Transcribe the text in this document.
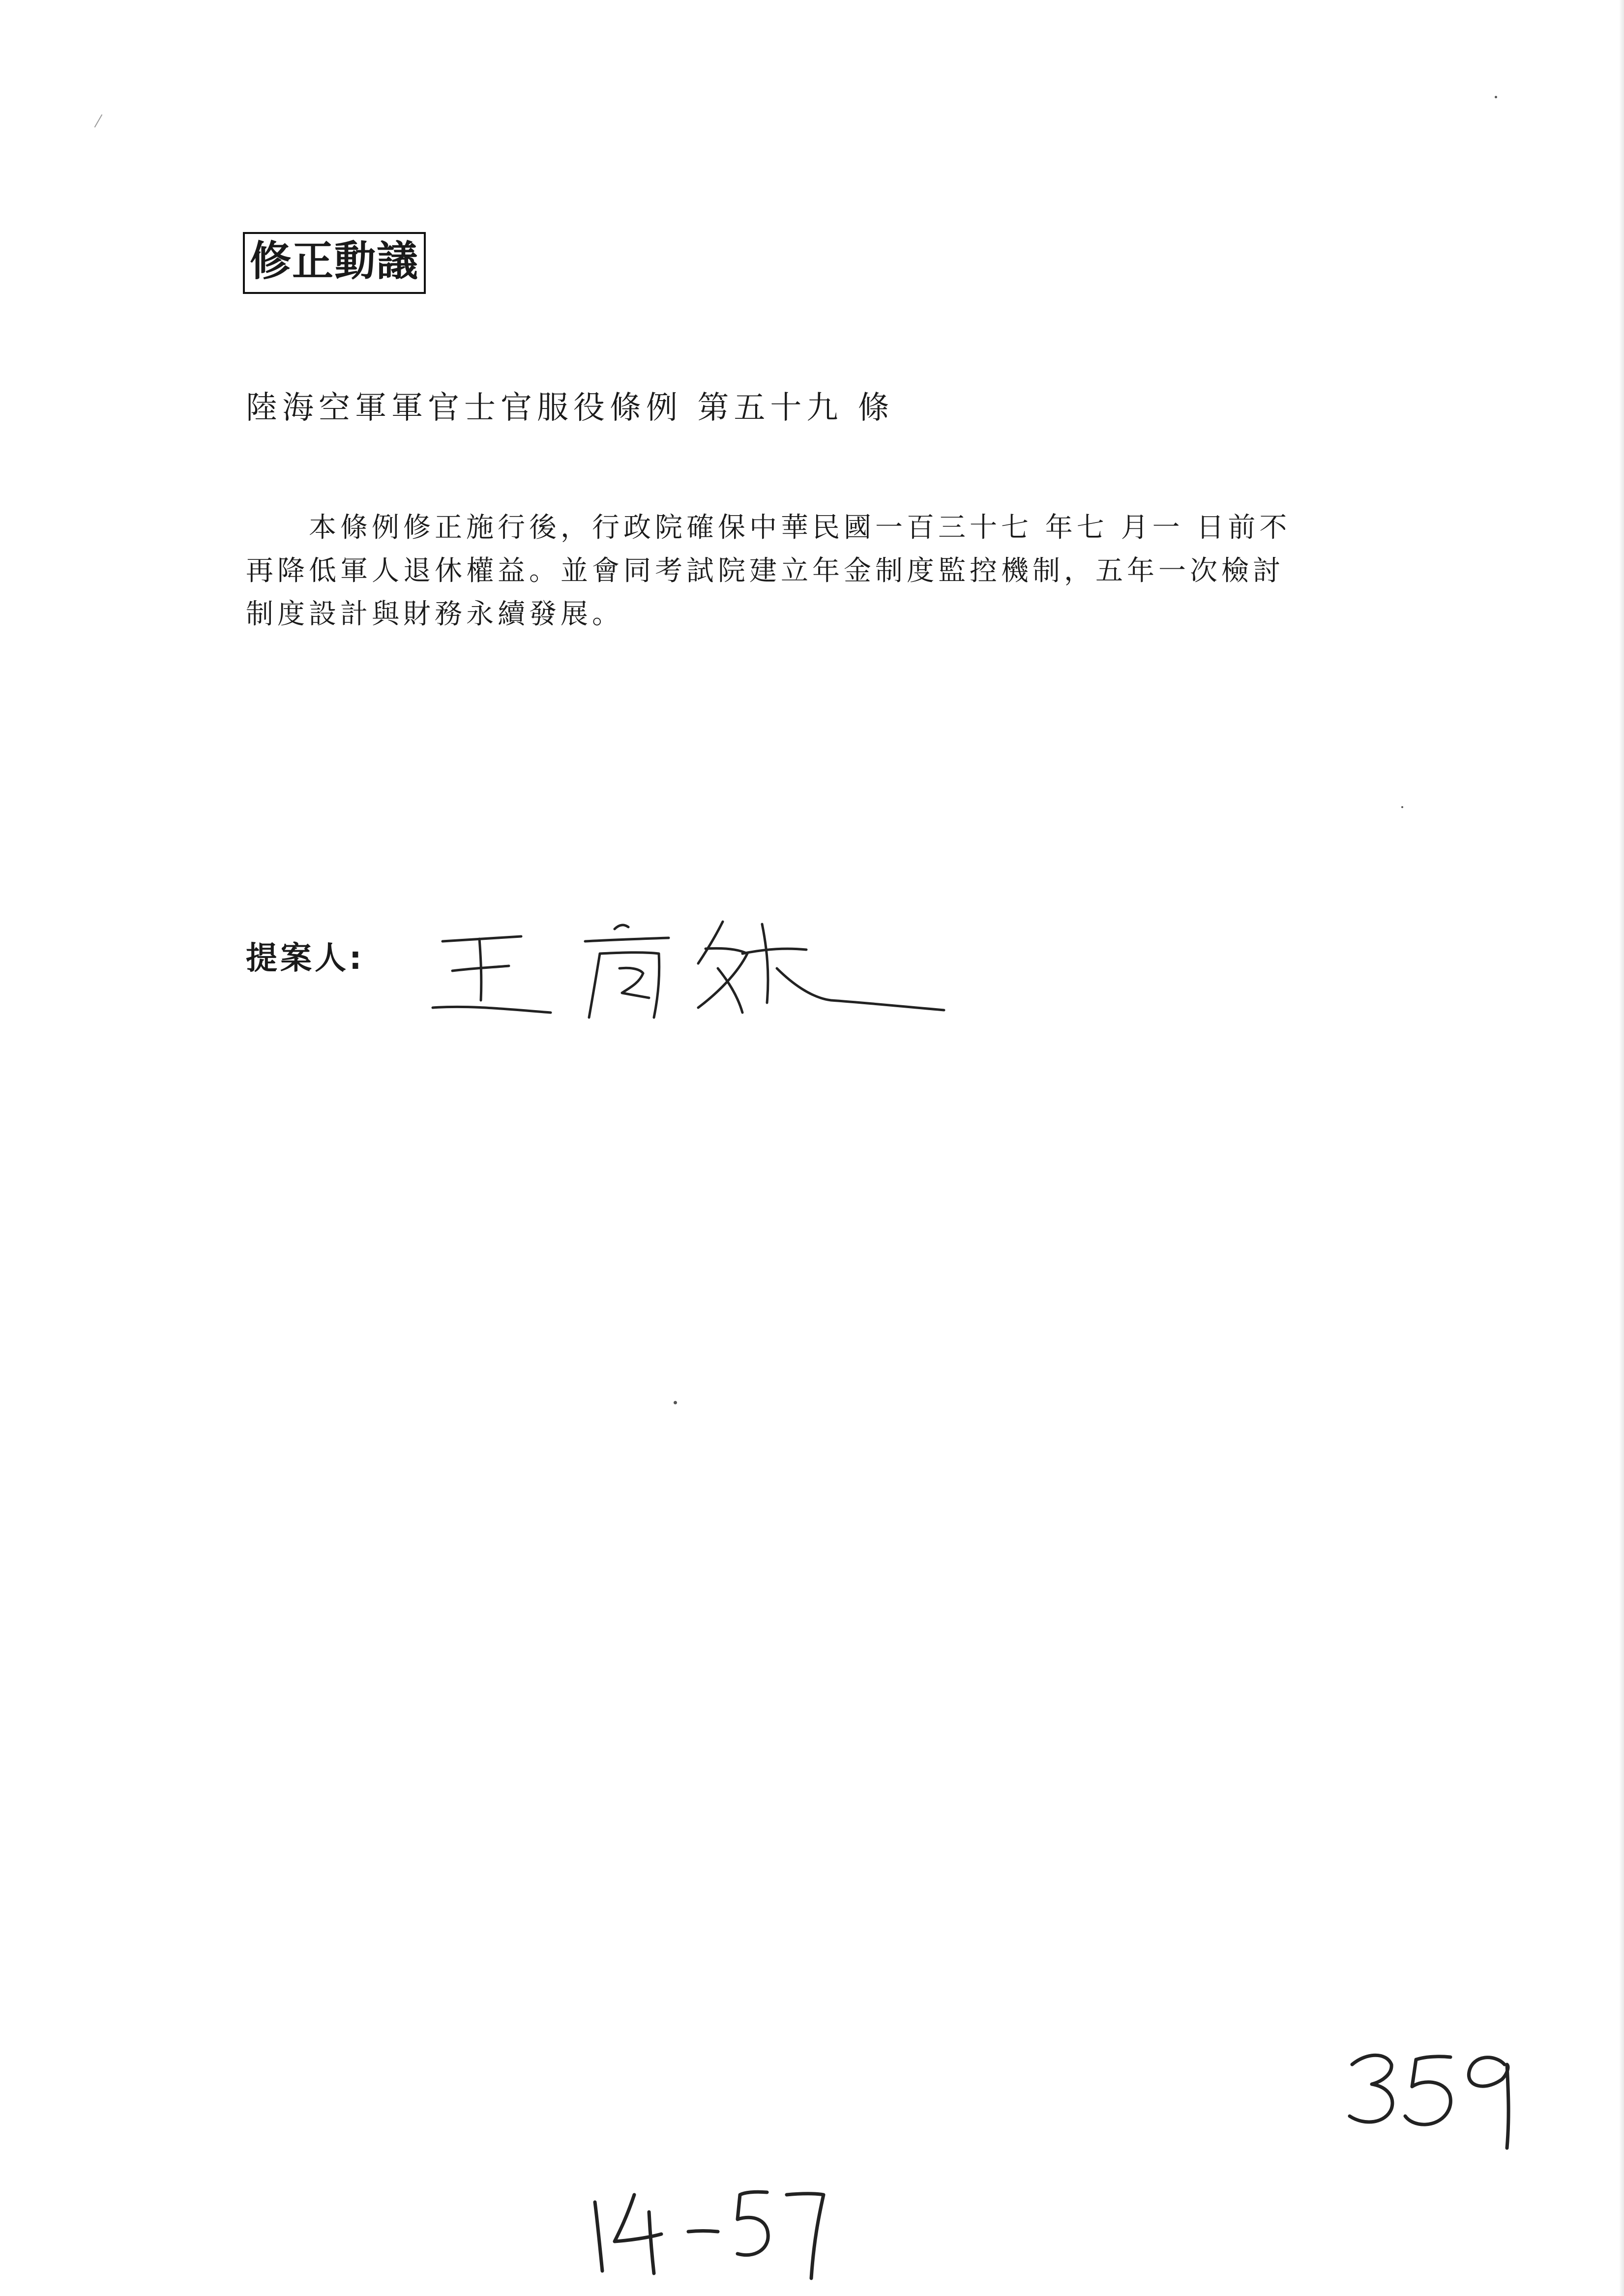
修正動議
陸海空軍軍官士官服役條例 第五十九 條
　　本條例修正施行後，行政院確保中華民國一百三十七 年七 月一 日前不
再降低軍人退休權益。並會同考試院建立年金制度監控機制，五年一次檢討
制度設計與財務永續發展。
提案人:
